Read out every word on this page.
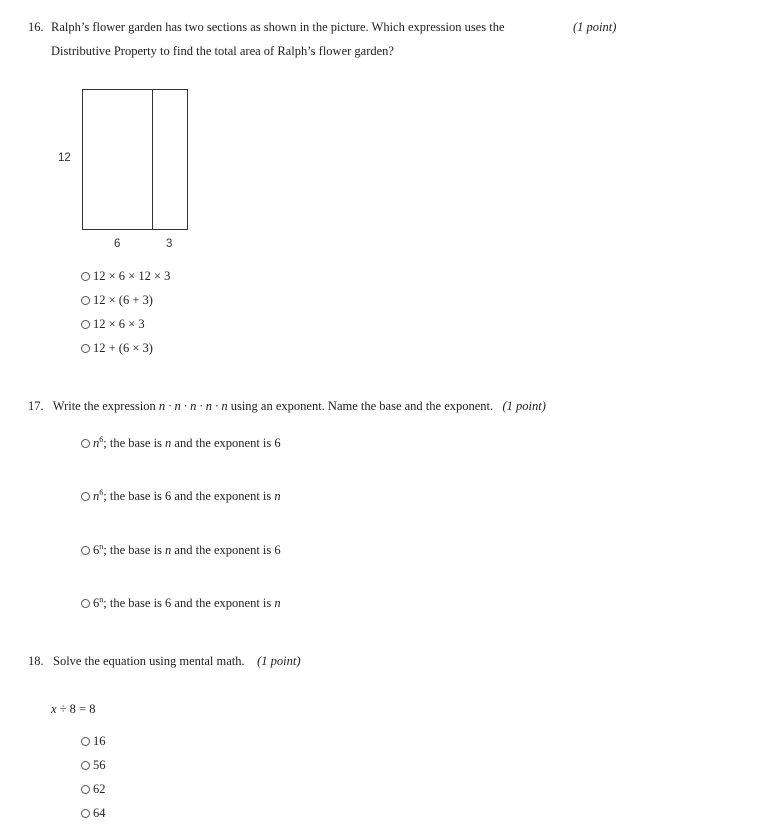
16. Ralph’s flower garden has two sections as shown in the picture. Which expression uses the	(1 point)
Distributive Property to find the total area of Ralph’s flower garden?
12
6	3
12 × 6 × 12 × 3
12 × (6 + 3)
12 × 6 × 3
12 + (6 × 3)
17. Write the expression n · n · n · n · n using an exponent. Name the base and the exponent. (1 point)
$n^6$; the base is n and the exponent is 6
$n^6$; the base is 6 and the exponent is n
6$^n$; the base is n and the exponent is 6
6$^n$; the base is 6 and the exponent is n
18. Solve the equation using mental math. (1 point)
x ÷ 8 = 8
16
56
62
64
